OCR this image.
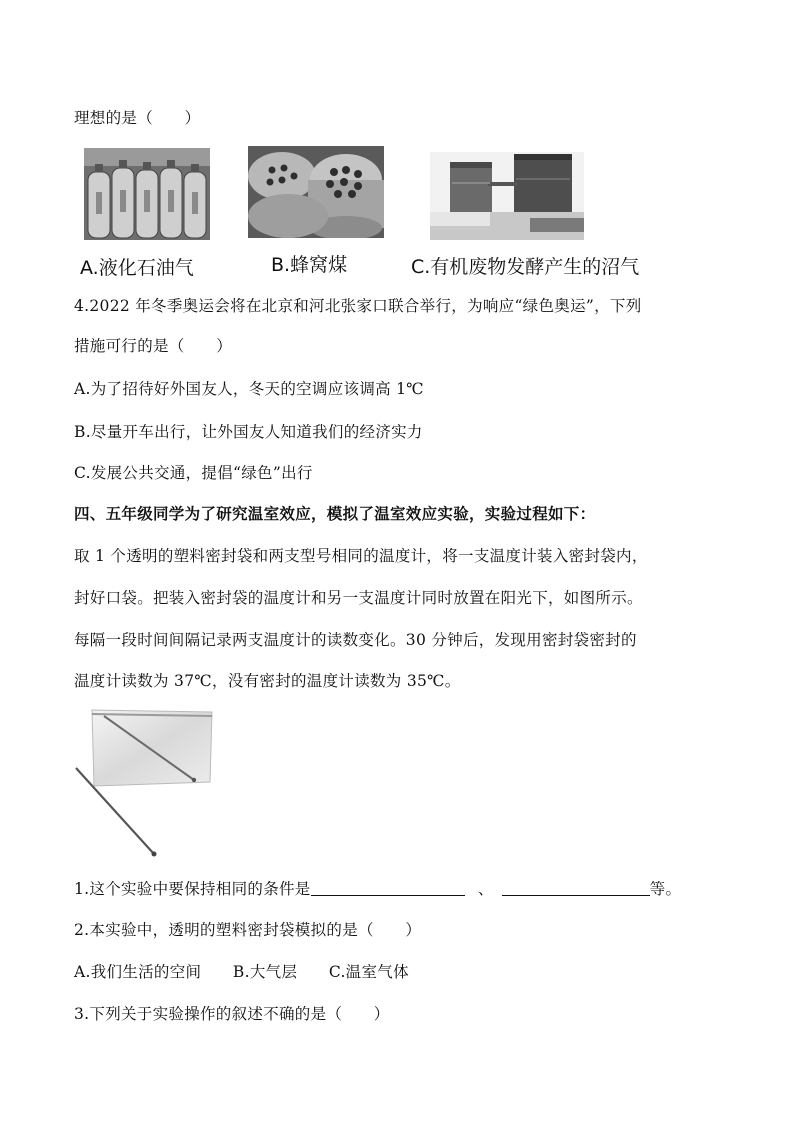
理想的是（　　）
A.液化石油气	B.蜂窝煤	C.有机废物发酵产生的沼气
4.2022 年冬季奥运会将在北京和河北张家口联合举行，为响应“绿色奥运”，下列
措施可行的是（　　）
A.为了招待好外国友人，冬天的空调应该调高 1℃
B.尽量开车出行，让外国友人知道我们的经济实力
C.发展公共交通，提倡“绿色”出行
四、五年级同学为了研究温室效应，模拟了温室效应实验，实验过程如下：
取 1 个透明的塑料密封袋和两支型号相同的温度计，将一支温度计装入密封袋内，
封好口袋。把装入密封袋的温度计和另一支温度计同时放置在阳光下，如图所示。
每隔一段时间间隔记录两支温度计的读数变化。30 分钟后，发现用密封袋密封的
温度计读数为 37℃，没有密封的温度计读数为 35℃。
1.这个实验中要保持相同的条件是	、	等。
2.本实验中，透明的塑料密封袋模拟的是（　　）
A.我们生活的空间　　B.大气层　　C.温室气体
3.下列关于实验操作的叙述不确的是（　　）
